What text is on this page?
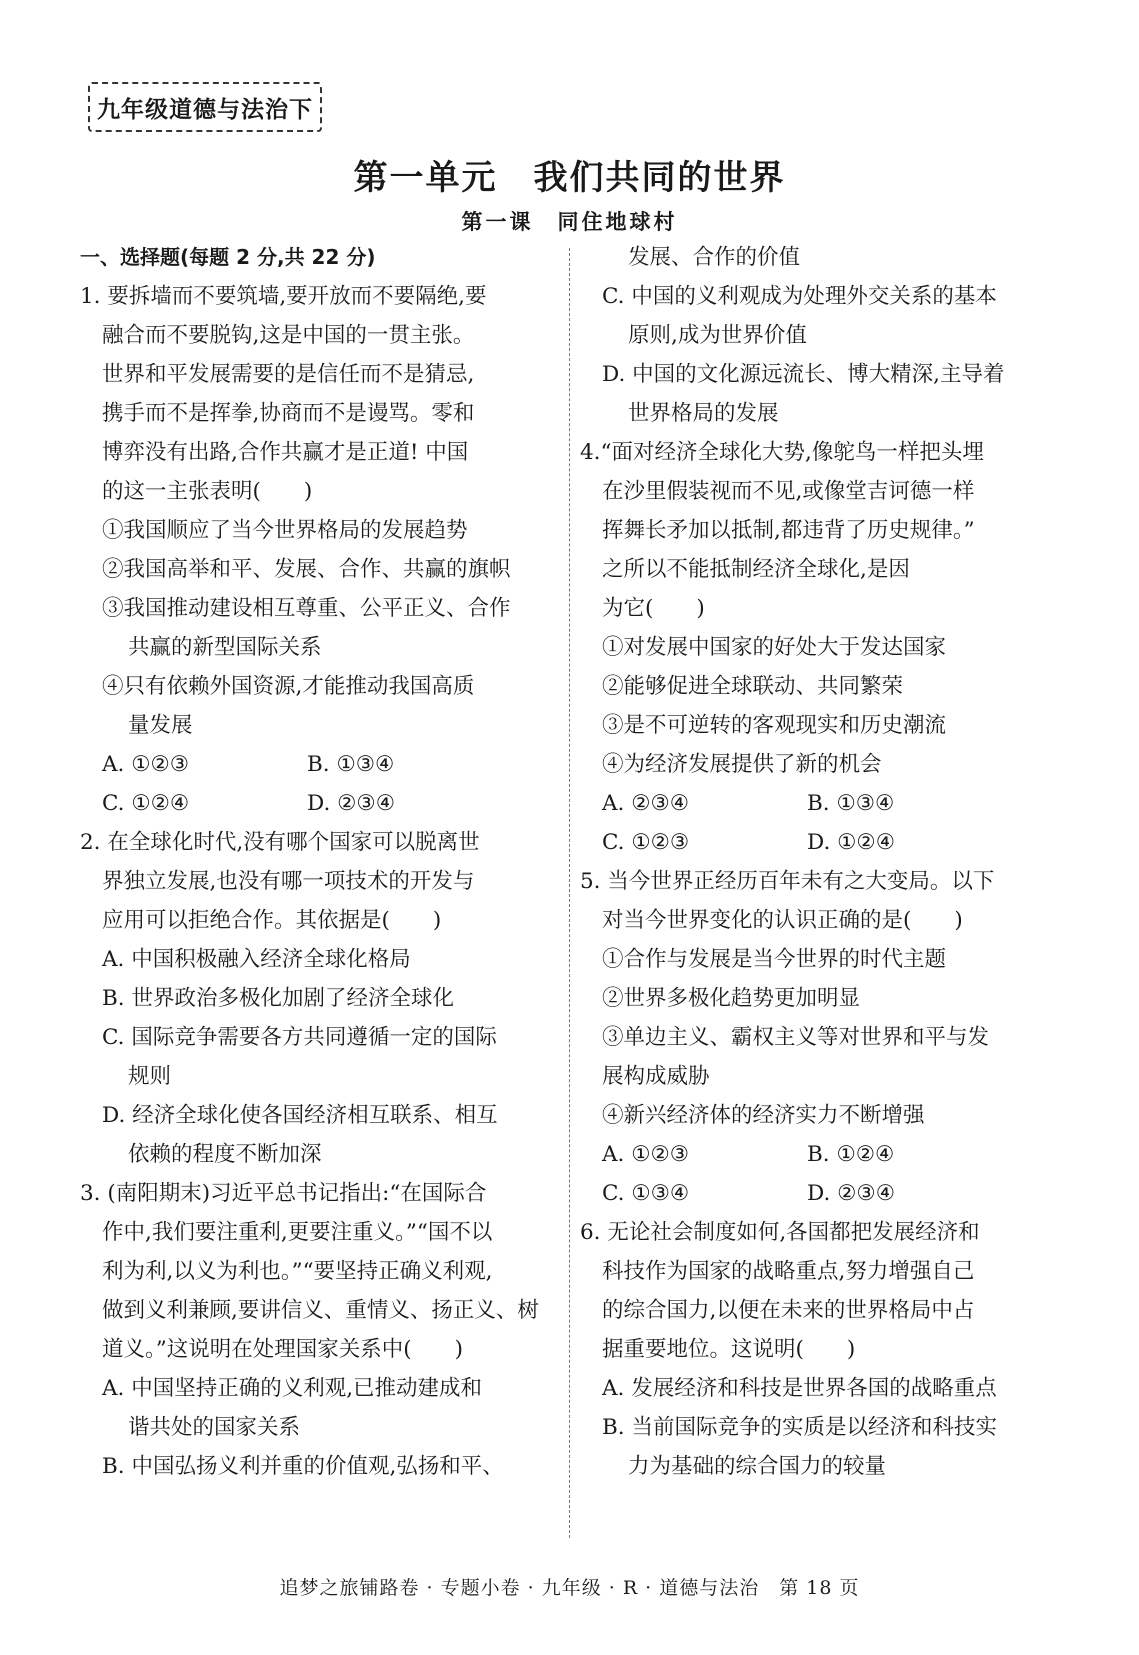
九年级道德与法治下
第一单元　我们共同的世界
第一课　同住地球村
一、选择题(每题 2 分,共 22 分)
1. 要拆墙而不要筑墙,要开放而不要隔绝,要
融合而不要脱钩,这是中国的一贯主张。
世界和平发展需要的是信任而不是猜忌,
携手而不是挥拳,协商而不是谩骂。零和
博弈没有出路,合作共赢才是正道! 中国
的这一主张表明(　　)
①我国顺应了当今世界格局的发展趋势
②我国高举和平、发展、合作、共赢的旗帜
③我国推动建设相互尊重、公平正义、合作
共赢的新型国际关系
④只有依赖外国资源,才能推动我国高质
量发展
A. ①②③	B. ①③④
C. ①②④	D. ②③④
2. 在全球化时代,没有哪个国家可以脱离世
界独立发展,也没有哪一项技术的开发与
应用可以拒绝合作。其依据是(　　)
A. 中国积极融入经济全球化格局
B. 世界政治多极化加剧了经济全球化
C. 国际竞争需要各方共同遵循一定的国际
规则
D. 经济全球化使各国经济相互联系、相互
依赖的程度不断加深
3. (南阳期末)习近平总书记指出:“在国际合
作中,我们要注重利,更要注重义。”“国不以
利为利,以义为利也。”“要坚持正确义利观,
做到义利兼顾,要讲信义、重情义、扬正义、树
道义。”这说明在处理国家关系中(　　)
A. 中国坚持正确的义利观,已推动建成和
谐共处的国家关系
B. 中国弘扬义利并重的价值观,弘扬和平、
发展、合作的价值
C. 中国的义利观成为处理外交关系的基本
原则,成为世界价值
D. 中国的文化源远流长、博大精深,主导着
世界格局的发展
4.“面对经济全球化大势,像鸵鸟一样把头埋
在沙里假装视而不见,或像堂吉诃德一样
挥舞长矛加以抵制,都违背了历史规律。”
之所以不能抵制经济全球化,是因
为它(　　)
①对发展中国家的好处大于发达国家
②能够促进全球联动、共同繁荣
③是不可逆转的客观现实和历史潮流
④为经济发展提供了新的机会
A. ②③④	B. ①③④
C. ①②③	D. ①②④
5. 当今世界正经历百年未有之大变局。以下
对当今世界变化的认识正确的是(　　)
①合作与发展是当今世界的时代主题
②世界多极化趋势更加明显
③单边主义、霸权主义等对世界和平与发
展构成威胁
④新兴经济体的经济实力不断增强
A. ①②③	B. ①②④
C. ①③④	D. ②③④
6. 无论社会制度如何,各国都把发展经济和
科技作为国家的战略重点,努力增强自己
的综合国力,以便在未来的世界格局中占
据重要地位。这说明(　　)
A. 发展经济和科技是世界各国的战略重点
B. 当前国际竞争的实质是以经济和科技实
力为基础的综合国力的较量
追梦之旅铺路卷 · 专题小卷 · 九年级 · R · 道德与法治　第 18 页
